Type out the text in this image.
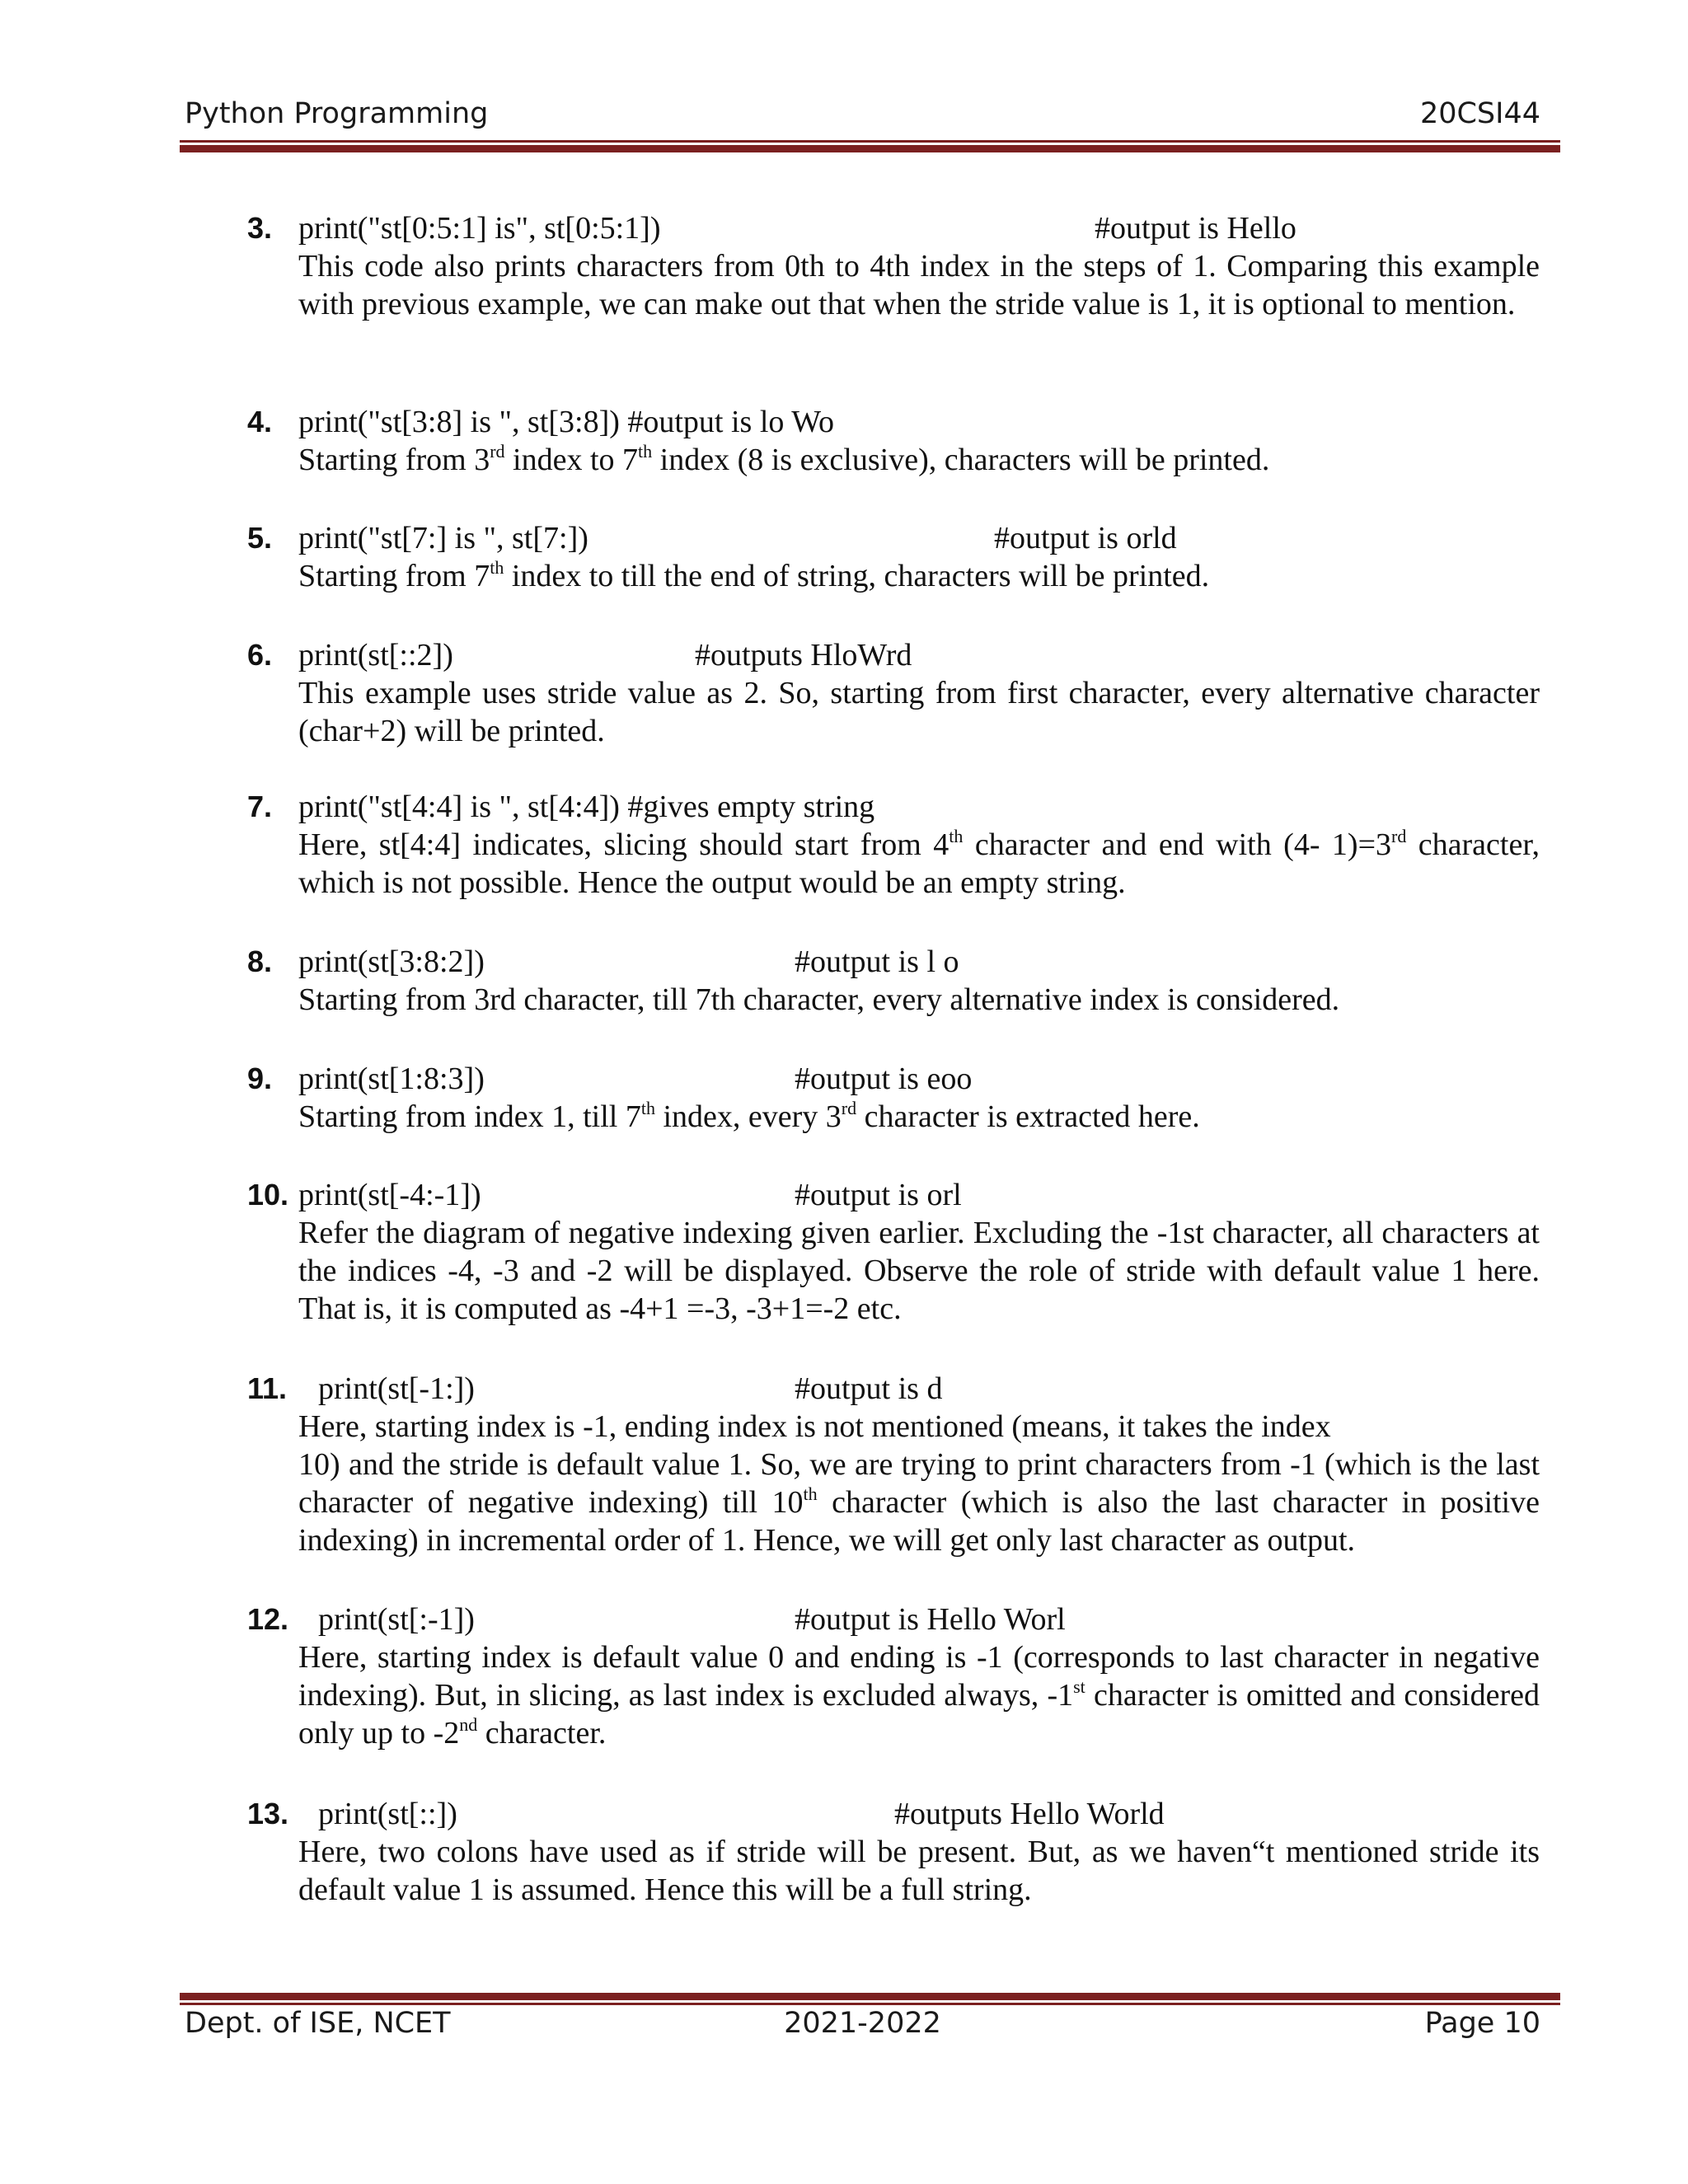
Python Programming	20CSI44
3. print("st[0:5:1] is", st[0:5:1])	#output is Hello
This code also prints characters from 0th to 4th index in the steps of 1. Comparing this example with previous example, we can make out that when the stride value is 1, it is optional to mention.
4. print("st[3:8] is ", st[3:8]) #output is lo Wo
Starting from 3rd index to 7th index (8 is exclusive), characters will be printed.
5. print("st[7:] is ", st[7:])	#output is orld
Starting from 7th index to till the end of string, characters will be printed.
6. print(st[::2])	#outputs HloWrd
This example uses stride value as 2. So, starting from first character, every alternative character (char+2) will be printed.
7. print("st[4:4] is ", st[4:4]) #gives empty string
Here, st[4:4] indicates, slicing should start from 4th character and end with (4- 1)=3rd character, which is not possible. Hence the output would be an empty string.
8. print(st[3:8:2])	#output is l o
Starting from 3rd character, till 7th character, every alternative index is considered.
9. print(st[1:8:3])	#output is eoo
Starting from index 1, till 7th index, every 3rd character is extracted here.
10. print(st[-4:-1])	#output is orl
Refer the diagram of negative indexing given earlier. Excluding the -1st character, all characters at the indices -4, -3 and -2 will be displayed. Observe the role of stride with default value 1 here. That is, it is computed as -4+1 =-3, -3+1=-2 etc.
11. print(st[-1:])	#output is d
Here, starting index is -1, ending index is not mentioned (means, it takes the index
10) and the stride is default value 1. So, we are trying to print characters from -1 (which is the last character of negative indexing) till 10th character (which is also the last character in positive indexing) in incremental order of 1. Hence, we will get only last character as output.
12. print(st[:-1])	#output is Hello Worl
Here, starting index is default value 0 and ending is -1 (corresponds to last character in negative indexing). But, in slicing, as last index is excluded always, -1st character is omitted and considered only up to -2nd character.
13. print(st[::])	#outputs Hello World
Here, two colons have used as if stride will be present. But, as we haven“t mentioned stride its default value 1 is assumed. Hence this will be a full string.
Dept. of ISE, NCET	2021-2022	Page 10
